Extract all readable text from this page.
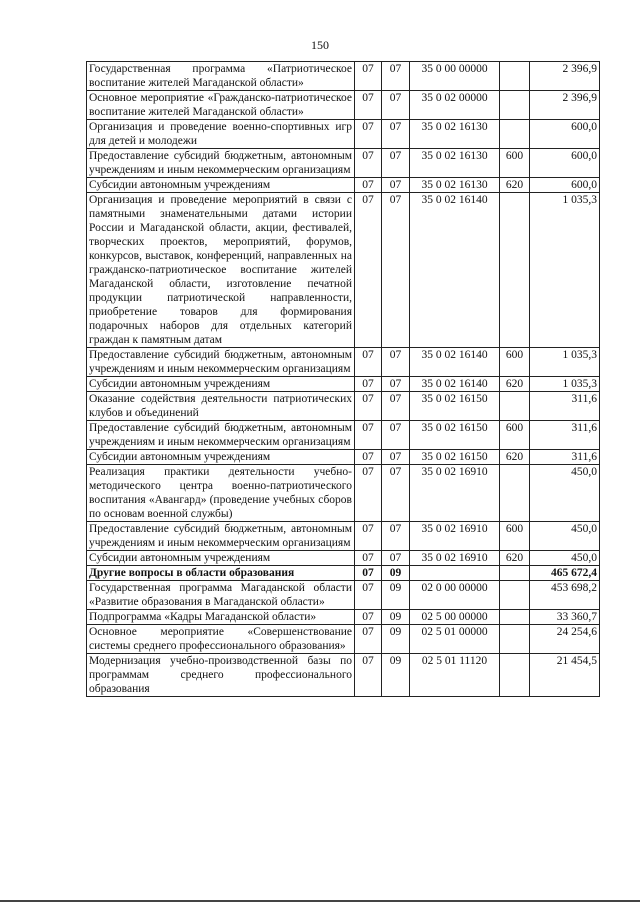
150
Государственная программа «Патриотическое воспитание жителей Магаданской области»	07	07	35 0 00 00000		2 396,9
Основное мероприятие «Гражданско-патриотическое воспитание жителей Магаданской области»	07	07	35 0 02 00000		2 396,9
Организация и проведение военно-спортивных игр для детей и молодежи	07	07	35 0 02 16130		600,0
Предоставление субсидий бюджетным, автономным учреждениям и иным некоммерческим организациям	07	07	35 0 02 16130	600	600,0
Субсидии автономным учреждениям	07	07	35 0 02 16130	620	600,0
Организация и проведение мероприятий в связи с памятными знаменательными датами истории России и Магаданской области, акции, фестивалей, творческих проектов, мероприятий, форумов, конкурсов, выставок, конференций, направленных на гражданско-патриотическое воспитание жителей Магаданской области, изготовление печатной продукции патриотической направленности, приобретение товаров для формирования подарочных наборов для отдельных категорий граждан к памятным датам	07	07	35 0 02 16140		1 035,3
Предоставление субсидий бюджетным, автономным учреждениям и иным некоммерческим организациям	07	07	35 0 02 16140	600	1 035,3
Субсидии автономным учреждениям	07	07	35 0 02 16140	620	1 035,3
Оказание содействия деятельности патриотических клубов и объединений	07	07	35 0 02 16150		311,6
Предоставление субсидий бюджетным, автономным учреждениям и иным некоммерческим организациям	07	07	35 0 02 16150	600	311,6
Субсидии автономным учреждениям	07	07	35 0 02 16150	620	311,6
Реализация практики деятельности учебно-методического центра военно-патриотического воспитания «Авангард» (проведение учебных сборов по основам военной службы)	07	07	35 0 02 16910		450,0
Предоставление субсидий бюджетным, автономным учреждениям и иным некоммерческим организациям	07	07	35 0 02 16910	600	450,0
Субсидии автономным учреждениям	07	07	35 0 02 16910	620	450,0
Другие вопросы в области образования	07	09			465 672,4
Государственная программа Магаданской области «Развитие образования в Магаданской области»	07	09	02 0 00 00000		453 698,2
Подпрограмма «Кадры Магаданской области»	07	09	02 5 00 00000		33 360,7
Основное мероприятие «Совершенствование системы среднего профессионального образования»	07	09	02 5 01 00000		24 254,6
Модернизация учебно-производственной базы по программам среднего профессионального образования	07	09	02 5 01 11120		21 454,5
